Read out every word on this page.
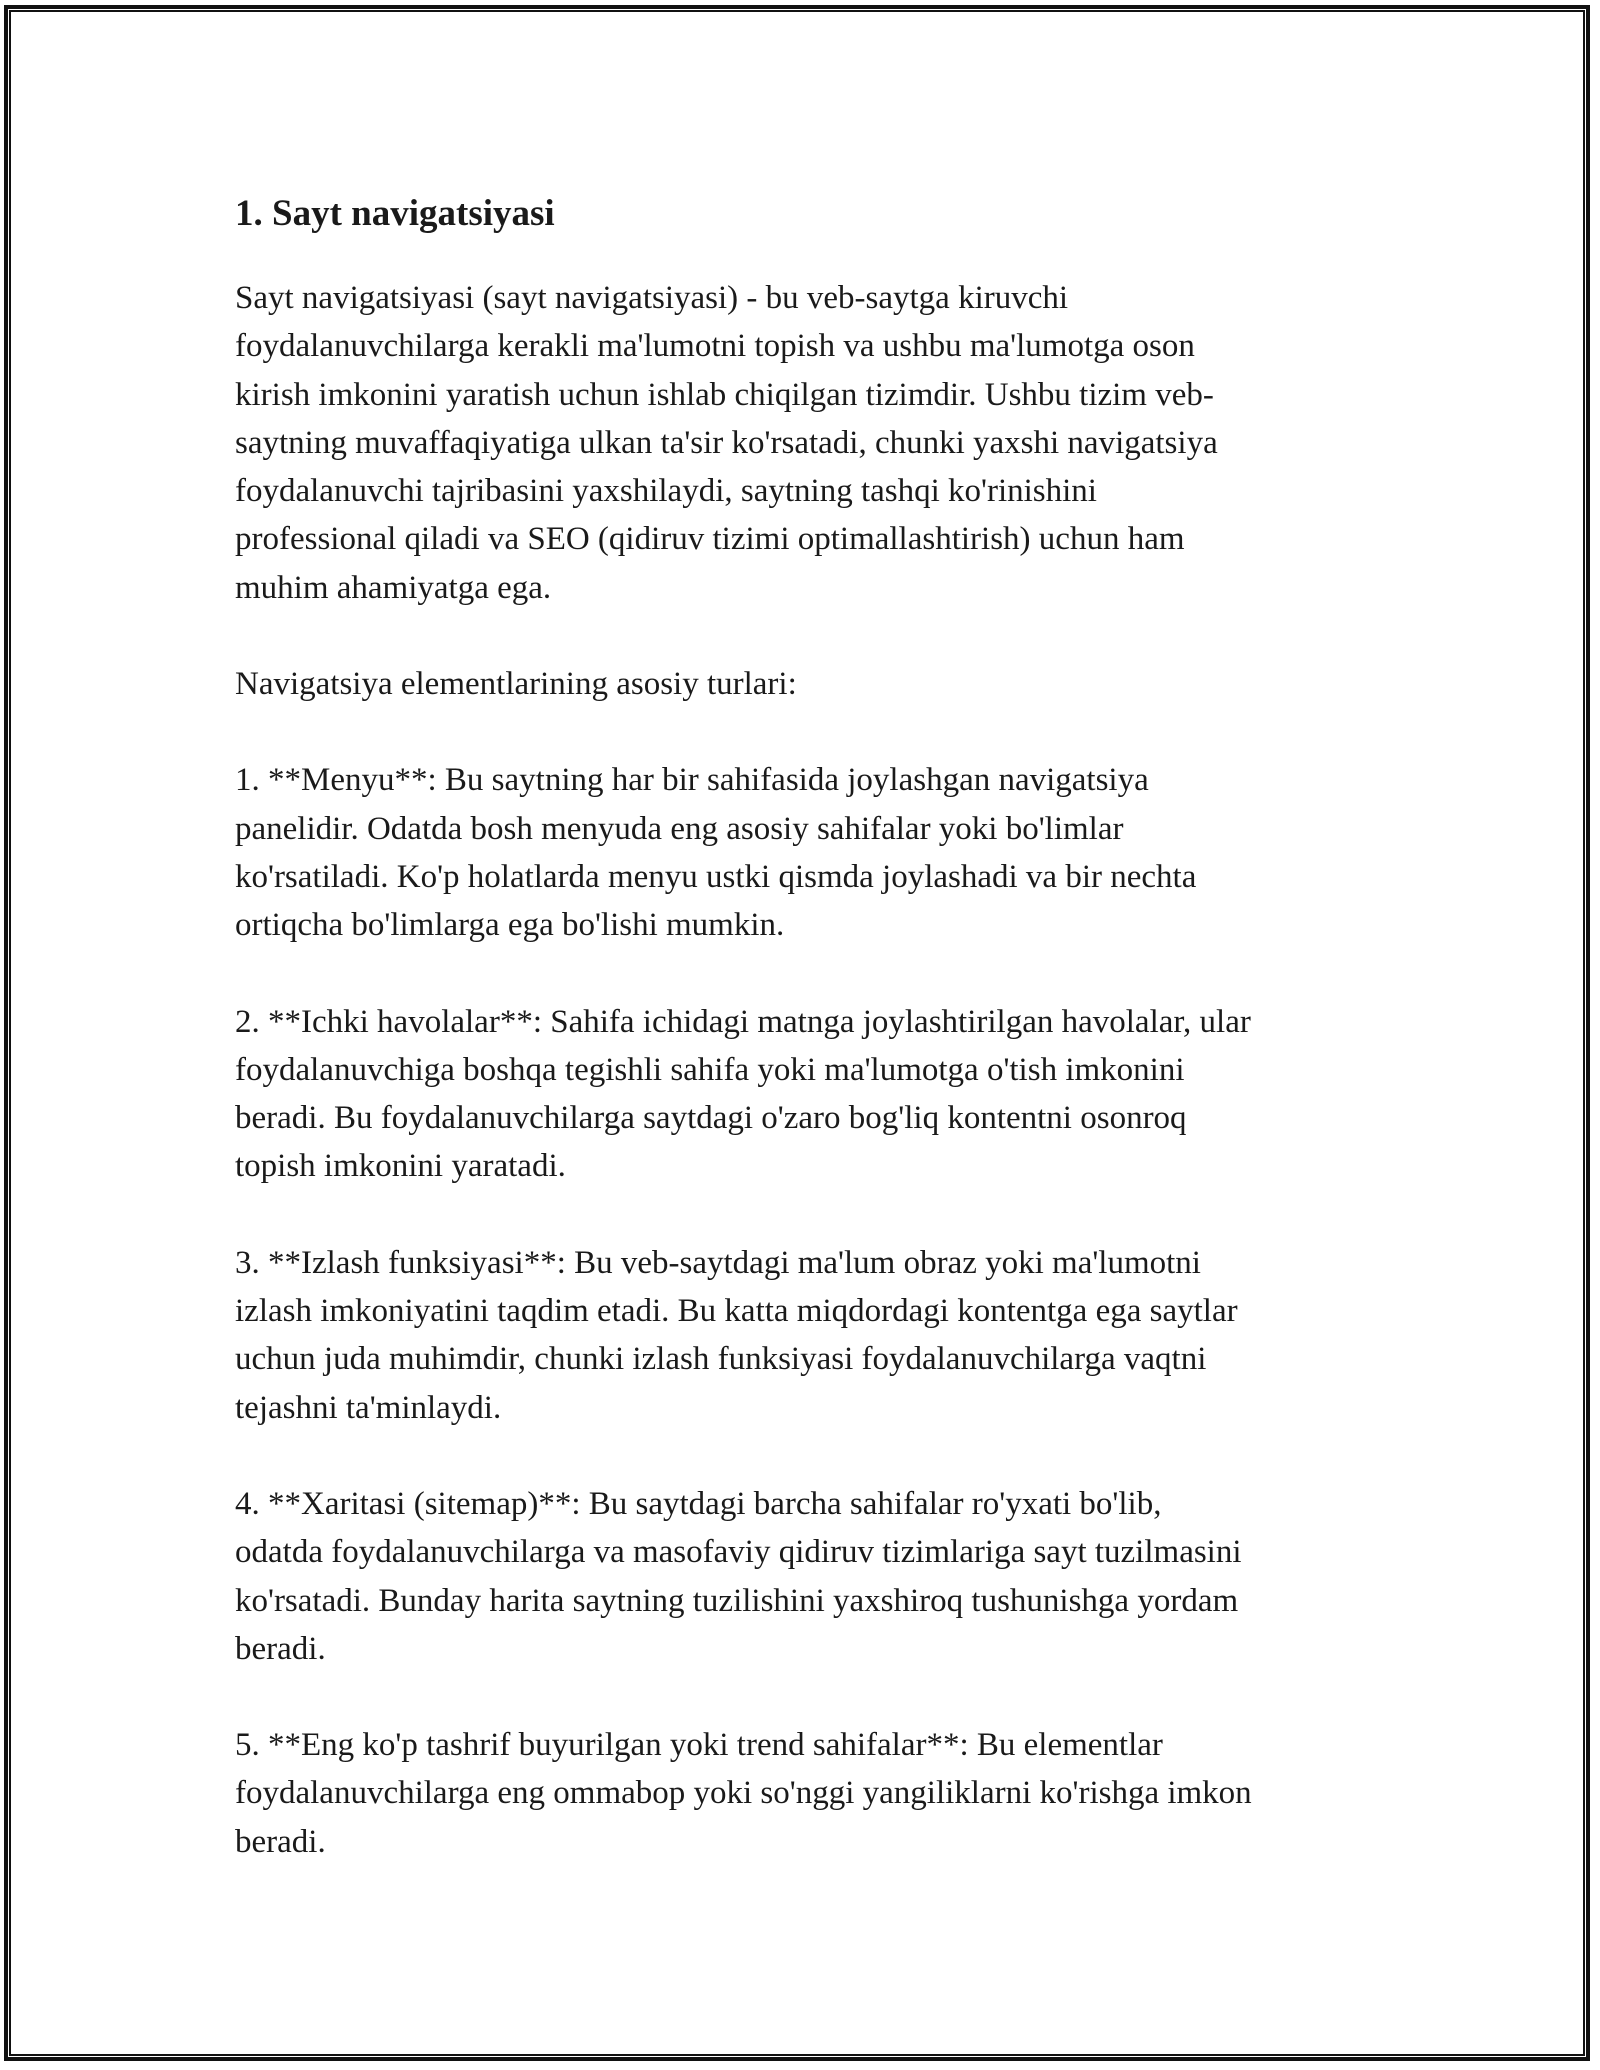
1. Sayt navigatsiyasi

Sayt navigatsiyasi (sayt navigatsiyasi) - bu veb-saytga kiruvchi
foydalanuvchilarga kerakli ma'lumotni topish va ushbu ma'lumotga oson
kirish imkonini yaratish uchun ishlab chiqilgan tizimdir. Ushbu tizim veb-
saytning muvaffaqiyatiga ulkan ta'sir ko'rsatadi, chunki yaxshi navigatsiya
foydalanuvchi tajribasini yaxshilaydi, saytning tashqi ko'rinishini
professional qiladi va SEO (qidiruv tizimi optimallashtirish) uchun ham
muhim ahamiyatga ega.

Navigatsiya elementlarining asosiy turlari:

1. **Menyu**: Bu saytning har bir sahifasida joylashgan navigatsiya
panelidir. Odatda bosh menyuda eng asosiy sahifalar yoki bo'limlar
ko'rsatiladi. Ko'p holatlarda menyu ustki qismda joylashadi va bir nechta
ortiqcha bo'limlarga ega bo'lishi mumkin.

2. **Ichki havolalar**: Sahifa ichidagi matnga joylashtirilgan havolalar, ular
foydalanuvchiga boshqa tegishli sahifa yoki ma'lumotga o'tish imkonini
beradi. Bu foydalanuvchilarga saytdagi o'zaro bog'liq kontentni osonroq
topish imkonini yaratadi.

3. **Izlash funksiyasi**: Bu veb-saytdagi ma'lum obraz yoki ma'lumotni
izlash imkoniyatini taqdim etadi. Bu katta miqdordagi kontentga ega saytlar
uchun juda muhimdir, chunki izlash funksiyasi foydalanuvchilarga vaqtni
tejashni ta'minlaydi.

4. **Xaritasi (sitemap)**: Bu saytdagi barcha sahifalar ro'yxati bo'lib,
odatda foydalanuvchilarga va masofaviy qidiruv tizimlariga sayt tuzilmasini
ko'rsatadi. Bunday harita saytning tuzilishini yaxshiroq tushunishga yordam
beradi.

5. **Eng ko'p tashrif buyurilgan yoki trend sahifalar**: Bu elementlar
foydalanuvchilarga eng ommabop yoki so'nggi yangiliklarni ko'rishga imkon
beradi.
